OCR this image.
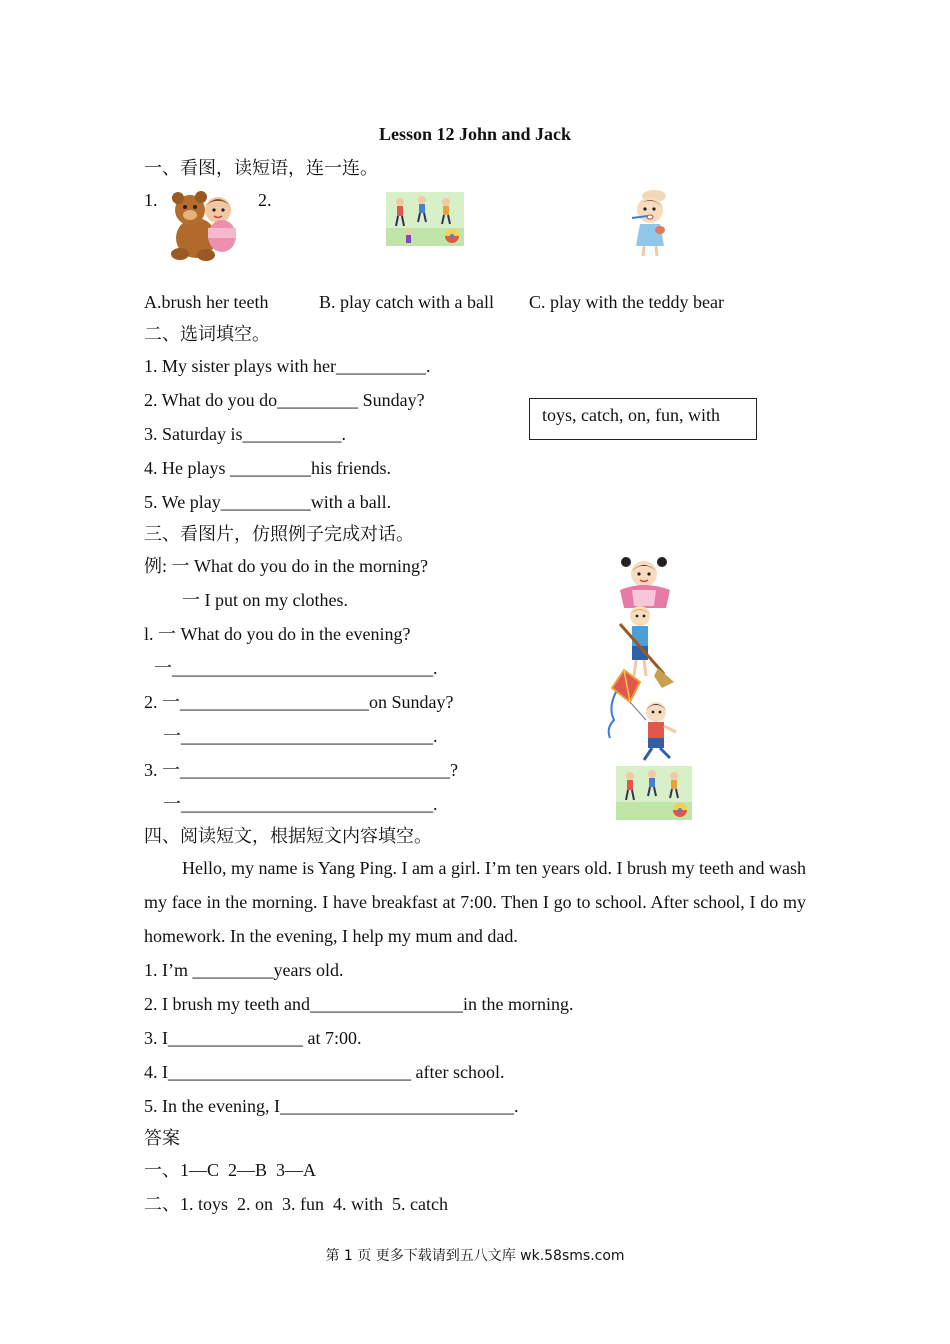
Lesson 12 John and Jack
一、看图，读短语，连一连。
1.	2.
A.brush her teeth	B. play catch with a ball C. play with the teddy bear
二、选词填空。
1. My sister plays with her__________.
2. What do you do_________ Sunday?
3. Saturday is___________.
4. He plays _________his friends.
5. We play__________with a ball.
toys, catch, on, fun, with
三、看图片，仿照例子完成对话。
例: 一 What do you do in the morning?
一 I put on my clothes.
l. 一 What do you do in the evening?
一_____________________________.
2. 一_____________________on Sunday?
一____________________________.
3. 一______________________________?
一____________________________.
四、阅读短文，根据短文内容填空。
Hello, my name is Yang Ping. I am a girl. I’m ten years old. I brush my teeth and wash my face in the morning. I have breakfast at 7:00. Then I go to school. After school, I do my homework. In the evening, I help my mum and dad.
1. I’m _________years old.
2. I brush my teeth and_________________in the morning.
3. I_______________ at 7:00.
4. I___________________________ after school.
5. In the evening, I__________________________.
答案
一、1—C  2—B  3—A
二、1. toys  2. on  3. fun  4. with  5. catch
第 1 页 更多下载请到五八文库 wk.58sms.com
